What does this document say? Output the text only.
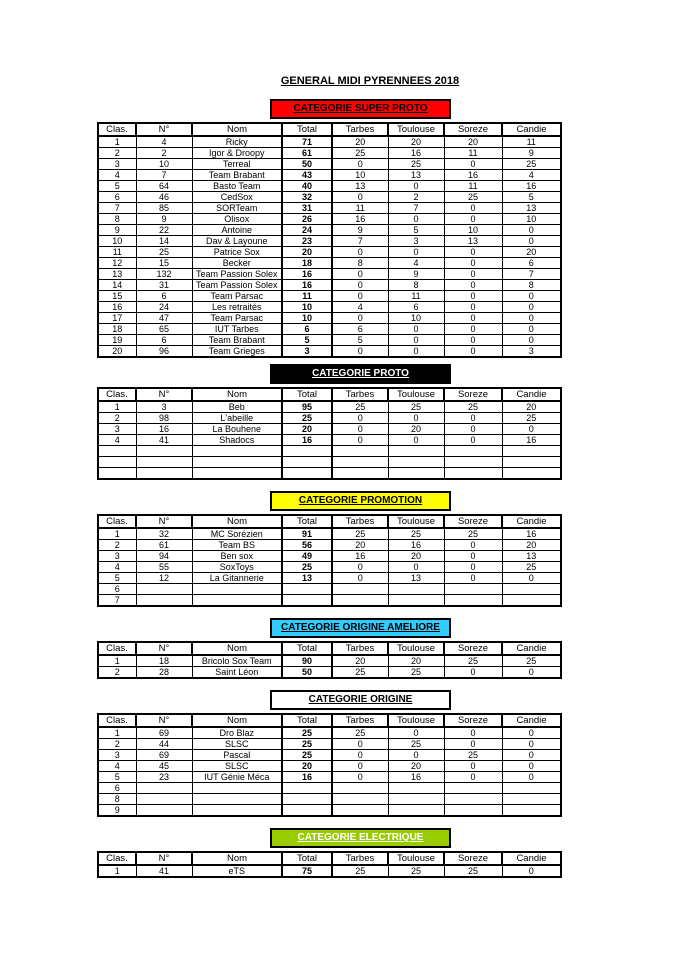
GENERAL MIDI PYRENNEES 2018
CATEGORIE SUPER PROTO
Clas.	N°	Nom	Total	Tarbes	Toulouse	Soreze	Candie
1	4	Ricky	71	20	20	20	11
2	2	Igor & Droopy	61	25	16	11	9
3	10	Terreal	50	0	25	0	25
4	7	Team Brabant	43	10	13	16	4
5	64	Basto Team	40	13	0	11	16
6	46	CedSox	32	0	2	25	5
7	85	SORTeam	31	11	7	0	13
8	9	Olisox	26	16	0	0	10
9	22	Antoine	24	9	5	10	0
10	14	Dav & Layoune	23	7	3	13	0
11	25	Patrice Sox	20	0	0	0	20
12	15	Becker	18	8	4	0	6
13	132	Team Passion Solex	16	0	9	0	7
14	31	Team Passion Solex	16	0	8	0	8
15	6	Team Parsac	11	0	11	0	0
16	24	Les retraités	10	4	6	0	0
17	47	Team Parsac	10	0	10	0	0
18	65	IUT Tarbes	6	6	0	0	0
19	6	Team Brabant	5	5	0	0	0
20	96	Team Grieges	3	0	0	0	3
CATEGORIE PROTO
Clas.	N°	Nom	Total	Tarbes	Toulouse	Soreze	Candie
1	3	Beb	95	25	25	25	20
2	98	L'abeille	25	0	0	0	25
3	16	La Bouhene	20	0	20	0	0
4	41	Shadocs	16	0	0	0	16

CATEGORIE PROMOTION
Clas.	N°	Nom	Total	Tarbes	Toulouse	Soreze	Candie
1	32	MC Sorézien	91	25	25	25	16
2	61	Team BS	56	20	16	0	20
3	94	Ben sox	49	16	20	0	13
4	55	SoxToys	25	0	0	0	25
5	12	La Gitannerie	13	0	13	0	0
6							
7							
CATEGORIE ORIGINE AMELIORE
Clas.	N°	Nom	Total	Tarbes	Toulouse	Soreze	Candie
1	18	Bricolo Sox Team	90	20	20	25	25
2	28	Saint Léon	50	25	25	0	0
CATEGORIE ORIGINE
Clas.	N°	Nom	Total	Tarbes	Toulouse	Soreze	Candie
1	69	Dro Blaz	25	25	0	0	0
2	44	SLSC	25	0	25	0	0
3	69	Pascal	25	0	0	25	0
4	45	SLSC	20	0	20	0	0
5	23	IUT Génie Méca	16	0	16	0	0
6							
8							
9							
CATEGORIE ELECTRIQUE
Clas.	N°	Nom	Total	Tarbes	Toulouse	Soreze	Candie
1	41	eTS	75	25	25	25	0
